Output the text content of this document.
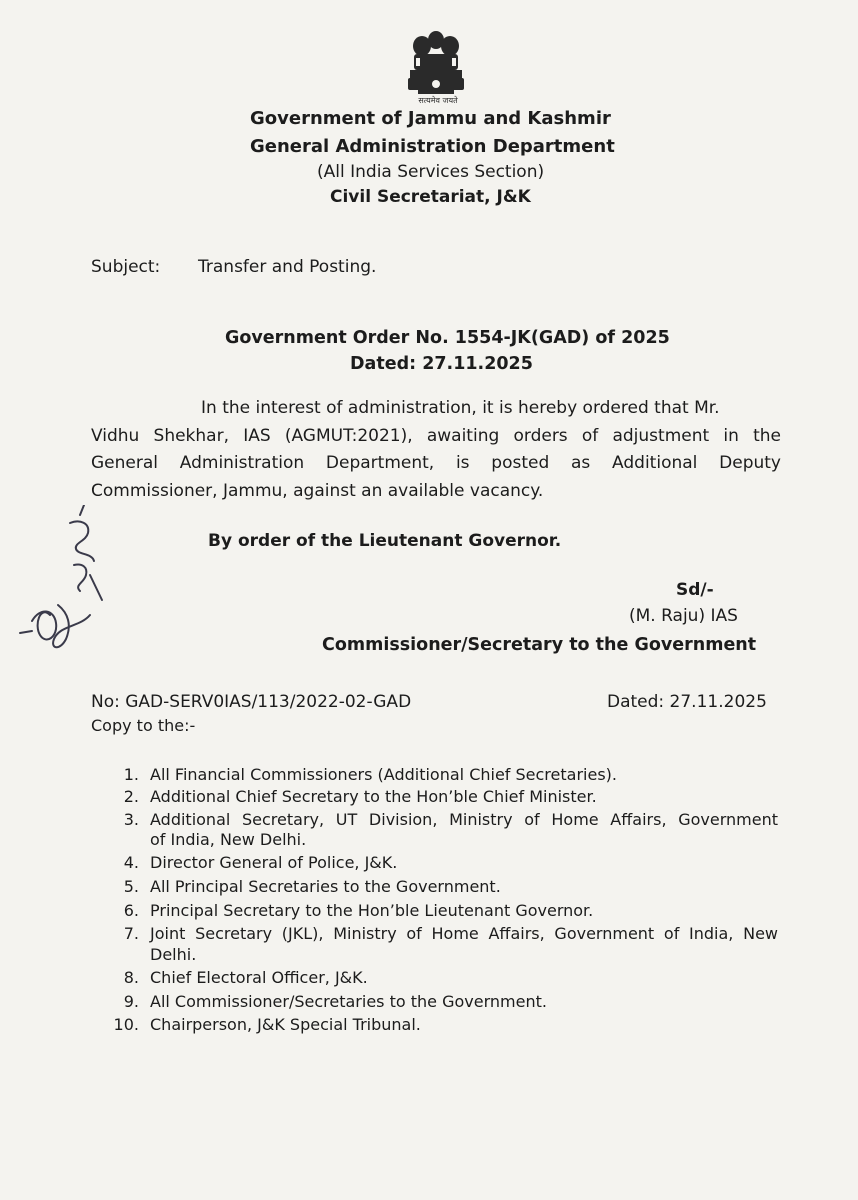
सत्यमेव जयते
Government of Jammu and Kashmir
General Administration Department
(All India Services Section)
Civil Secretariat, J&K
Subject: Transfer and Posting.
Government Order No. 1554-JK(GAD) of 2025
Dated: 27.11.2025
In the interest of administration, it is hereby ordered that Mr.
Vidhu Shekhar, IAS (AGMUT:2021), awaiting orders of adjustment in the
General Administration Department, is posted as Additional Deputy
Commissioner, Jammu, against an available vacancy.
By order of the Lieutenant Governor.
Sd/-
(M. Raju) IAS
Commissioner/Secretary to the Government
No: GAD-SERV0IAS/113/2022-02-GAD	Dated: 27.11.2025
Copy to the:-
1. All Financial Commissioners (Additional Chief Secretaries).
2. Additional Chief Secretary to the Hon’ble Chief Minister.
3. Additional Secretary, UT Division, Ministry of Home Affairs, Government
of India, New Delhi.
4. Director General of Police, J&K.
5. All Principal Secretaries to the Government.
6. Principal Secretary to the Hon’ble Lieutenant Governor.
7. Joint Secretary (JKL), Ministry of Home Affairs, Government of India, New
Delhi.
8. Chief Electoral Officer, J&K.
9. All Commissioner/Secretaries to the Government.
10. Chairperson, J&K Special Tribunal.
